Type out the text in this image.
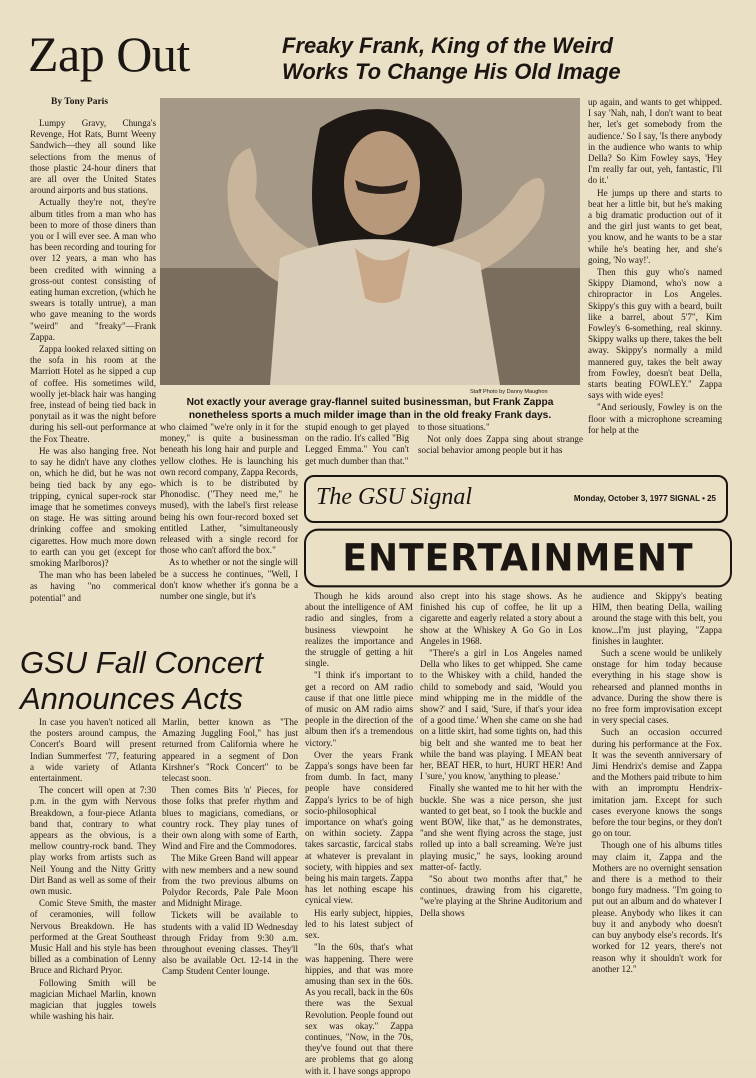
Zap Out	Freaky Frank, King of the Weird
Works To Change His Old Image
By Tony Paris

Lumpy Gravy, Chunga's Revenge, Hot Rats, Burnt Weeny Sandwich—they all sound like selections from the menus of those plastic 24-hour diners that are all over the United States around airports and bus stations.

Actually they're not, they're album titles from a man who has been to more of those diners than you or I will ever see. A man who has been recording and touring for over 12 years, a man who has been credited with winning a gross-out contest consisting of eating human excretion, (which he swears is totally untrue), a man who gave meaning to the words "weird" and "freaky"—Frank Zappa.

Zappa looked relaxed sitting on the sofa in his room at the Marriott Hotel as he sipped a cup of coffee. His sometimes wild, woolly jet-black hair was hanging free, instead of being tied back in ponytail as it was the night before during his sell-out performance at the Fox Theatre.

He was also hanging free. Not to say he didn't have any clothes on, which he did, but he was not being tied back by any ego-tripping, cynical super-rock star image that he sometimes conveys on stage. He was sitting around drinking coffee and smoking cigarettes. How much more down to earth can you get (except for smoking Marlboros)?

The man who has been labeled as having "no commerical potential" and

Staff Photo by Danny Maughon
Not exactly your average gray-flannel suited businessman, but Frank Zappa
nonetheless sports a much milder image than in the old freaky Frank days.

up again, and wants to get whipped. I say 'Nah, nah, I don't want to beat her, let's get somebody from the audience.' So I say, 'Is there anybody in the audience who wants to whip Della? So Kim Fowley says, 'Hey I'm really far out, yeh, fantastic, I'll do it.'

He jumps up there and starts to beat her a little bit, but he's making a big dramatic production out of it and the girl just wants to get beat, you know, and he wants to be a star while he's beating her, and she's going, 'No way!'.

Then this guy who's named Skippy Diamond, who's now a chiropractor in Los Angeles. Skippy's this guy with a beard, built like a barrel, about 5'7", Kim Fowley's 6-something, real skinny. Skippy walks up there, takes the belt away. Skippy's normally a mild mannered guy, takes the belt away from Fowley, doesn't beat Della, starts beating FOWLEY." Zappa says with wide eyes!

"And seriously, Fowley is on the floor with a microphone screaming for help at the

who claimed "we're only in it for the money," is quite a businessman beneath his long hair and purple and yellow clothes. He is launching his own record company, Zappa Records, which is to be distributed by Phonodisc. ("They need me," he mused), with the label's first release being his own four-record boxed set entitled Lather, "simultaneously released with a single record for those who can't afford the box."

As to whether or not the single will be a success he continues, "Well, I don't know whether it's gonna be a number one single, but it's

stupid enough to get played on the radio. It's called "Big Legged Emma." You can't get much dumber than that."

to those situations."

Not only does Zappa sing about strange social behavior among people but it has

The GSU Signal	Monday, October 3, 1977 SIGNAL • 25
ENTERTAINMENT

Though he kids around about the intelligence of AM radio and singles, from a business viewpoint he realizes the importance and the struggle of getting a hit single.

"I think it's important to get a record on AM radio cause if that one little piece of music on AM radio aims people in the direction of the album then it's a tremendous victory."

Over the years Frank Zappa's songs have been far from dumb. In fact, many people have considered Zappa's lyrics to be of high socio-philosophical importance on what's going on within society. Zappa takes sarcastic, farcical stabs at whatever is prevalant in society, with hippies and sex being his main targets. Zappa has let nothing escape his cynical view.

His early subject, hippies, led to his latest subject of sex.

"In the 60s, that's what was happening. There were hippies, and that was more amusing than sex in the 60s. As you recall, back in the 60s there was the Sexual Revolution. People found out sex was okay." Zappa continues, "Now, in the 70s, they've found out that there are problems that go along with it. I have songs appropo

also crept into his stage shows. As he finished his cup of coffee, he lit up a cigarette and eagerly related a story about a show at the Whiskey A Go Go in Los Angeles in 1968.

"There's a girl in Los Angeles named Della who likes to get whipped. She came to the Whiskey with a child, handed the child to somebody and said, 'Would you mind whipping me in the middle of the show?' and I said, 'Sure, if that's your idea of a good time.' When she came on she had on a little skirt, had some tights on, had this big belt and she wanted me to beat her while the band was playing. I MEAN beat her, BEAT HER, to hurt, HURT HER! And I 'sure,' you know, 'anything to please.'

Finally she wanted me to hit her with the buckle. She was a nice person, she just wanted to get beat, so I took the buckle and went BOW, like that," as he demonstrates, "and she went flying across the stage, just rolled up into a ball screaming. We're just playing music," he says, looking around matter-of- factly.

"So about two months after that," he continues, drawing from his cigarette, "we're playing at the Shrine Auditorium and Della shows

audience and Skippy's beating HIM, then beating Della, wailing around the stage with this belt, you know...I'm just playing, "Zappa finishes in laughter.

Such a scene would be unlikely onstage for him today because everything in his stage show is rehearsed and planned months in advance. During the show there is no free form improvisation except in very special cases.

Such an occasion occurred during his performance at the Fox. It was the seventh anniversary of Jimi Hendrix's demise and Zappa and the Mothers paid tribute to him with an impromptu Hendrix-imitation jam. Except for such cases everyone knows the songs before the tour begins, or they don't go on tour.

Though one of his albums titles may claim it, Zappa and the Mothers are no overnight sensation and there is a method to their bongo fury madness. "I'm going to put out an album and do whatever I please. Anybody who likes it can buy it and anybody who doesn't can buy anybody else's records. It's worked for 12 years, there's not reason why it shouldn't work for another 12."

GSU Fall Concert
Announces Acts

In case you haven't noticed all the posters around campus, the Concert's Board will present Indian Summerfest '77, featuring a wide variety of Atlanta entertainment.

The concert will open at 7:30 p.m. in the gym with Nervous Breakdown, a four-piece Atlanta band that, contrary to what appears as the obvious, is a mellow country-rock band. They play works from artists such as Neil Young and the Nitty Gritty Dirt Band as well as some of their own music.

Comic Steve Smith, the master of ceramonies, will follow Nervous Breakdown. He has performed at the Great Southeast Music Hall and his style has been billed as a combination of Lenny Bruce and Richard Pryor.

Following Smith will be magician Michael Marlin, known magician that juggles towels while washing his hair.

Marlin, better known as "The Amazing Juggling Fool," has just returned from California where he appeared in a segment of Don Kirshner's "Rock Concert" to be telecast soon.

Then comes Bits 'n' Pieces, for those folks that prefer rhythm and blues to magicians, comedians, or country rock. They play tunes of their own along with some of Earth, Wind and Fire and the Commodores.

The Mike Green Band will appear with new members and a new sound from the two previous albums on Polydor Records, Pale Pale Moon and Midnight Mirage.

Tickets will be available to students with a valid ID Wednesday through Friday from 9:30 a.m. throughout evening classes. They'll also be available Oct. 12-14 in the Camp Student Center lounge.
